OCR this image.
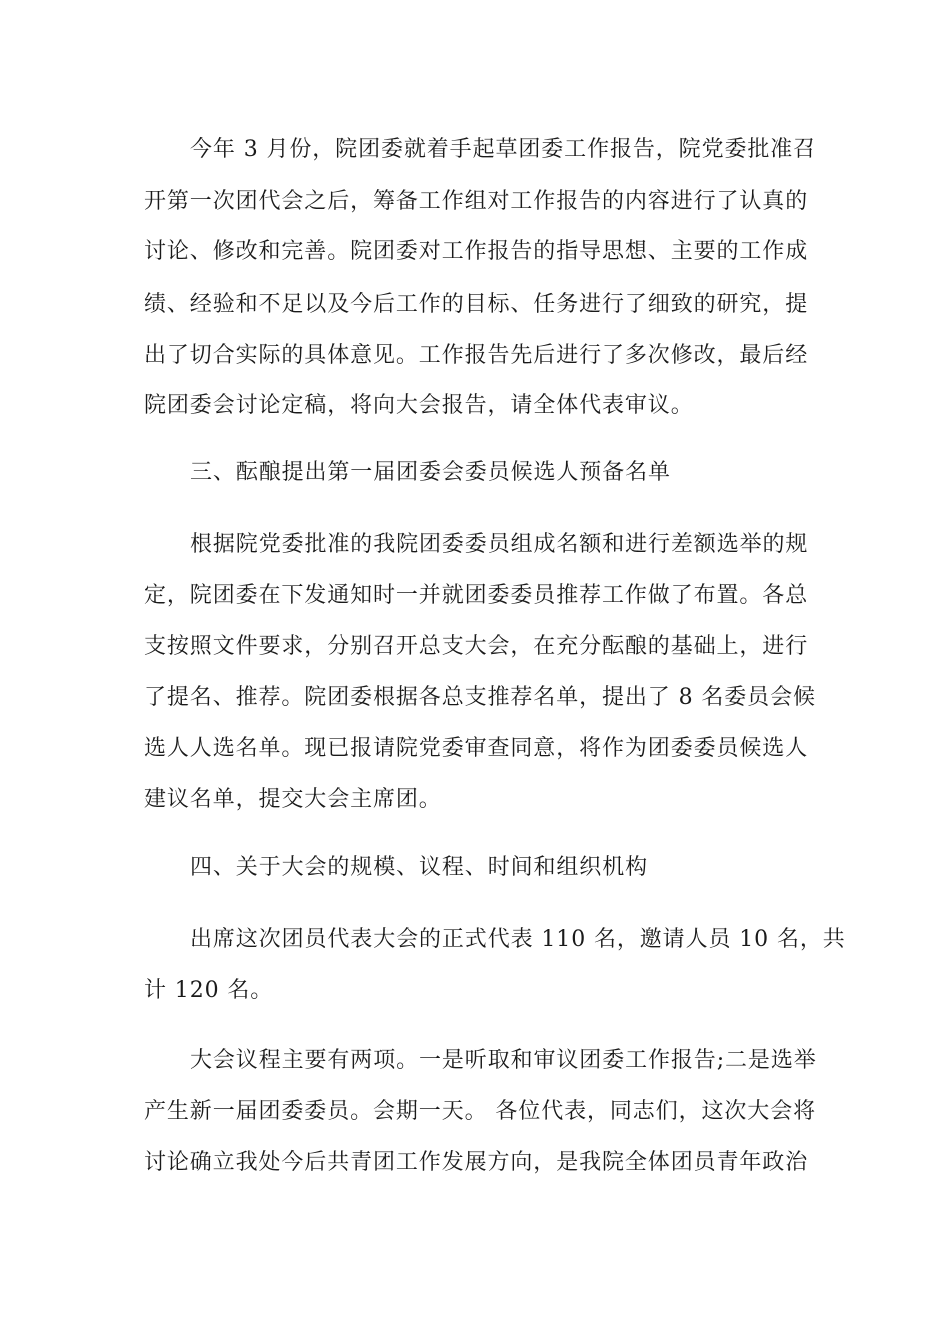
今年 3 月份，院团委就着手起草团委工作报告，院党委批准召

开第一次团代会之后，筹备工作组对工作报告的内容进行了认真的

讨论、修改和完善。院团委对工作报告的指导思想、主要的工作成

绩、经验和不足以及今后工作的目标、任务进行了细致的研究，提

出了切合实际的具体意见。工作报告先后进行了多次修改，最后经

院团委会讨论定稿，将向大会报告，请全体代表审议。

三、酝酿提出第一届团委会委员候选人预备名单

根据院党委批准的我院团委委员组成名额和进行差额选举的规

定，院团委在下发通知时一并就团委委员推荐工作做了布置。各总

支按照文件要求，分别召开总支大会，在充分酝酿的基础上，进行

了提名、推荐。院团委根据各总支推荐名单，提出了 8 名委员会候

选人人选名单。现已报请院党委审查同意，将作为团委委员候选人

建议名单，提交大会主席团。

四、关于大会的规模、议程、时间和组织机构

出席这次团员代表大会的正式代表 110 名，邀请人员 10 名，共

计 120 名。

大会议程主要有两项。一是听取和审议团委工作报告;二是选举

产生新一届团委委员。会期一天。 各位代表，同志们，这次大会将

讨论确立我处今后共青团工作发展方向，是我院全体团员青年政治
